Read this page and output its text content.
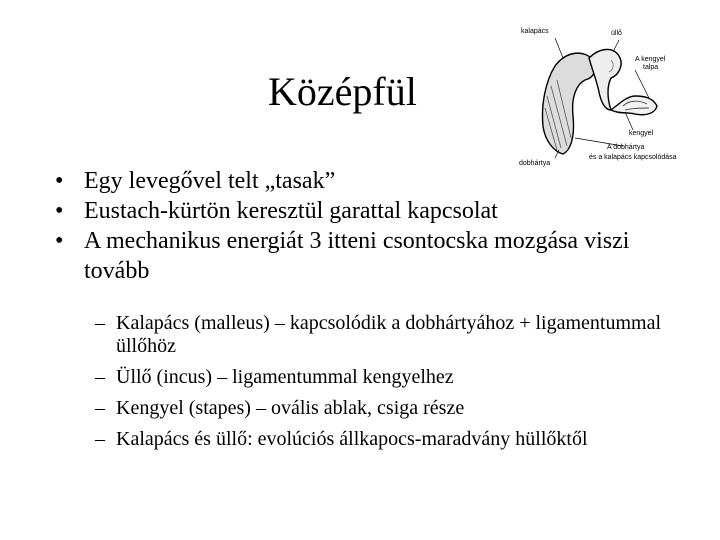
Középfül
kalapács	üllő
A kengyel
talpa
kengyel
dobhártya
A dobhártya
és a kalapács kapcsolódása

• Egy levegővel telt „tasak”

• Eustach-kürtön keresztül garattal kapcsolat

• A mechanikus energiát 3 itteni csontocska mozgása viszi tovább

– Kalapács (malleus) – kapcsolódik a dobhártyához + ligamentummal üllőhöz
– Üllő (incus) – ligamentummal kengyelhez
– Kengyel (stapes) – ovális ablak, csiga része
– Kalapács és üllő: evolúciós állkapocs-maradvány hüllőktől
